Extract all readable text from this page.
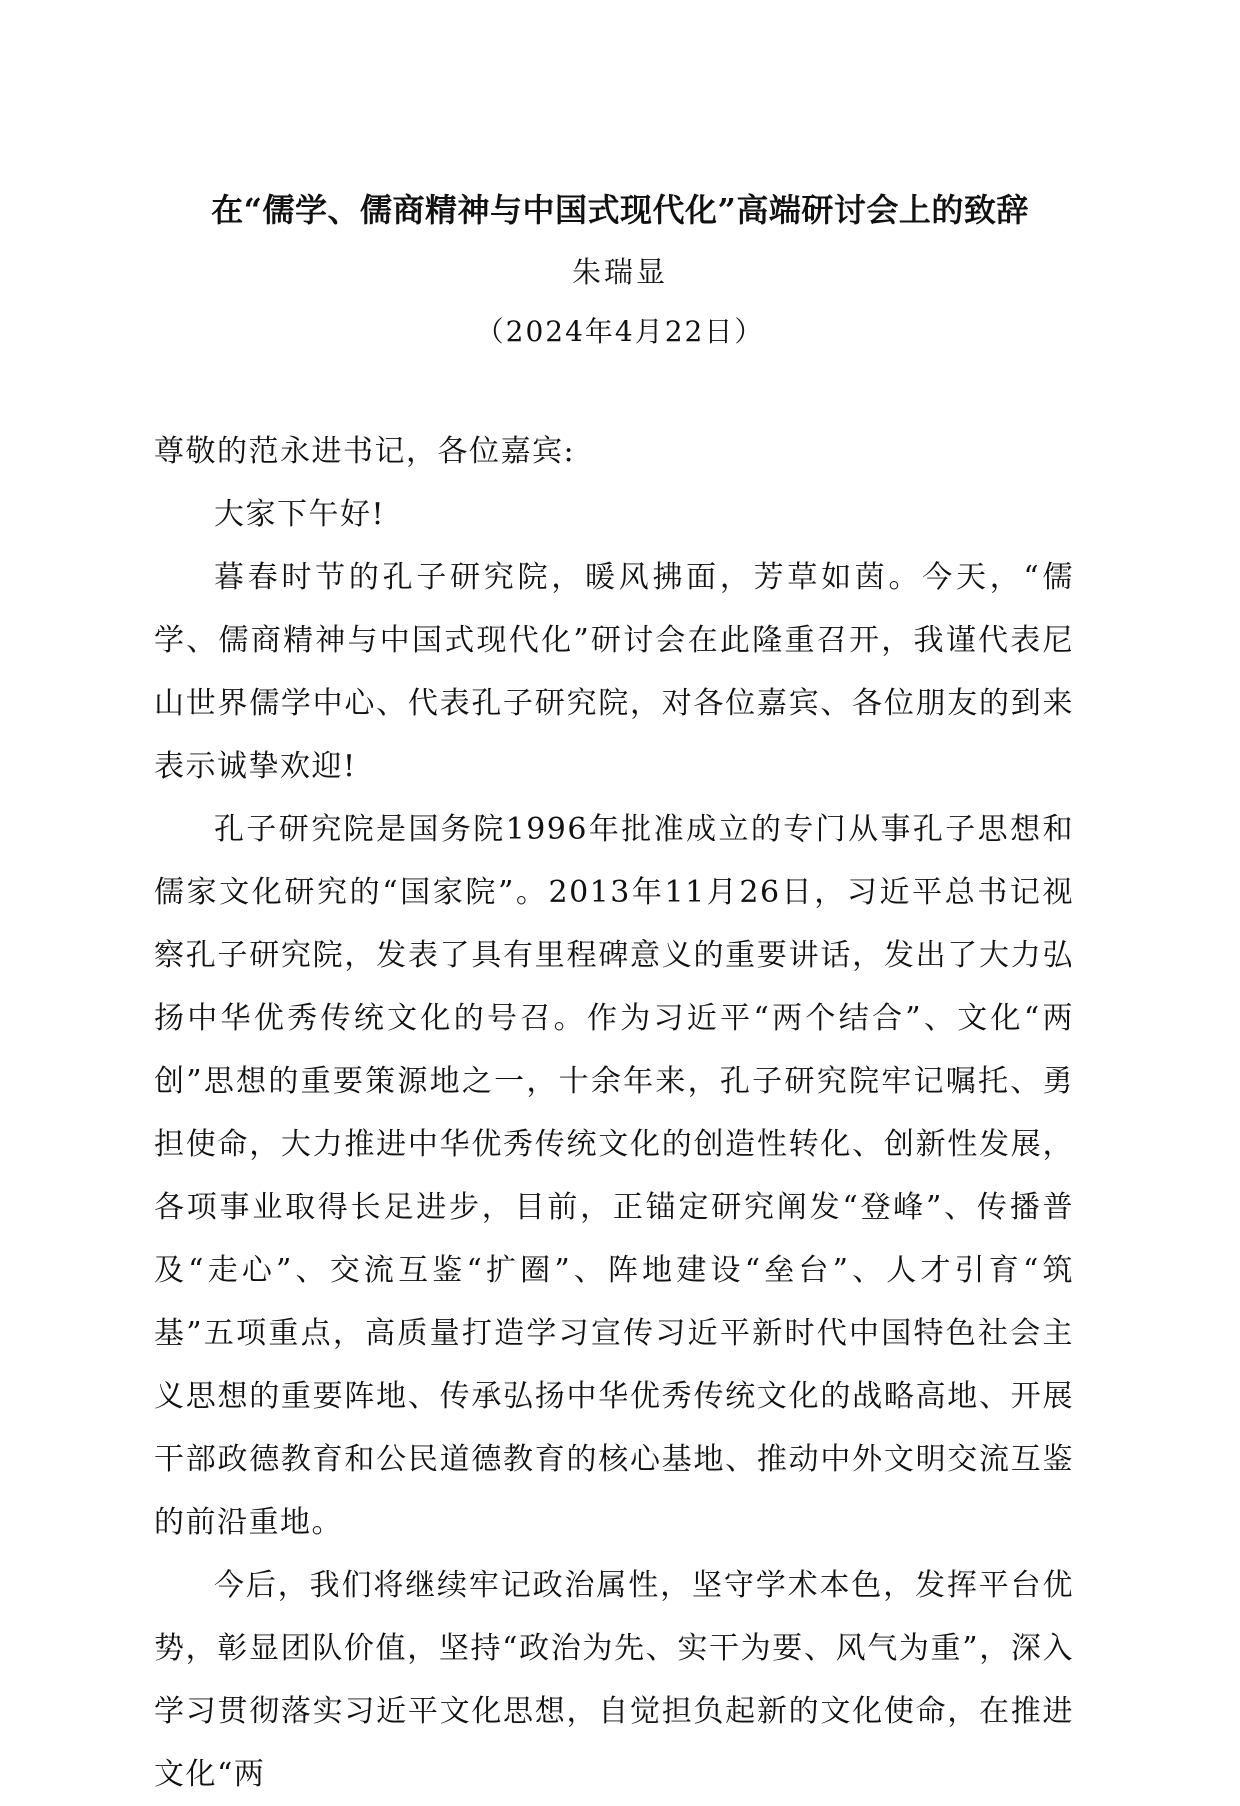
在“儒学、儒商精神与中国式现代化”高端研讨会上的致辞
朱瑞显
（2024年4月22日）

尊敬的范永进书记，各位嘉宾:

大家下午好!

暮春时节的孔子研究院，暖风拂面，芳草如茵。今天，“儒学、儒商精神与中国式现代化”研讨会在此隆重召开，我谨代表尼山世界儒学中心、代表孔子研究院，对各位嘉宾、各位朋友的到来表示诚挚欢迎!

孔子研究院是国务院1996年批准成立的专门从事孔子思想和儒家文化研究的“国家院”。2013年11月26日，习近平总书记视察孔子研究院，发表了具有里程碑意义的重要讲话，发出了大力弘扬中华优秀传统文化的号召。作为习近平“两个结合”、文化“两创”思想的重要策源地之一，十余年来，孔子研究院牢记嘱托、勇担使命，大力推进中华优秀传统文化的创造性转化、创新性发展，各项事业取得长足进步，目前，正锚定研究阐发“登峰”、传播普及“走心”、交流互鉴“扩圈”、阵地建设“垒台”、人才引育“筑基”五项重点，高质量打造学习宣传习近平新时代中国特色社会主义思想的重要阵地、传承弘扬中华优秀传统文化的战略高地、开展干部政德教育和公民道德教育的核心基地、推动中外文明交流互鉴的前沿重地。

今后，我们将继续牢记政治属性，坚守学术本色，发挥平台优势，彰显团队价值，坚持“政治为先、实干为要、风气为重”，深入学习贯彻落实习近平文化思想，自觉担负起新的文化使命，在推进文化“两
